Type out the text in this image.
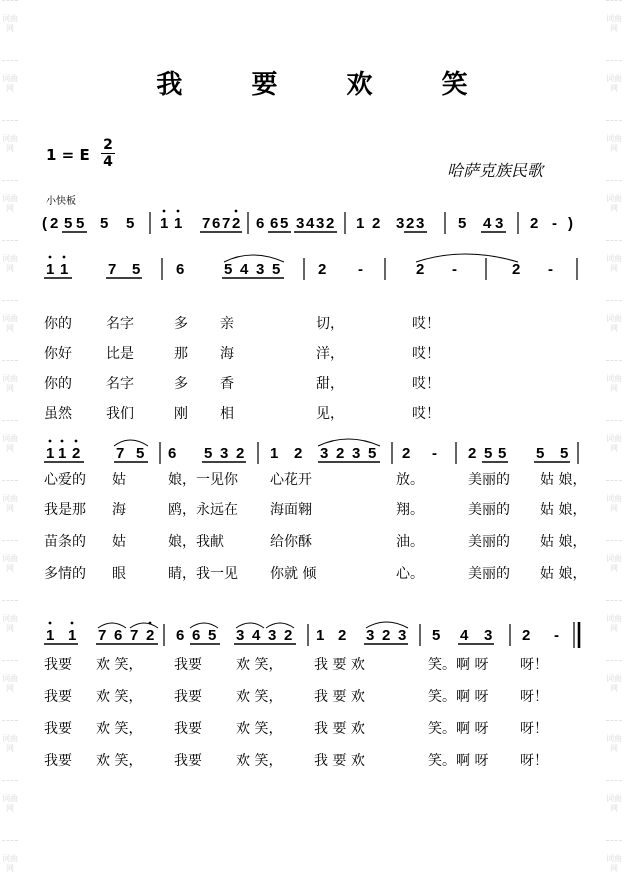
词曲网
词曲网
词曲网
词曲网
词曲网
词曲网
词曲网
词曲网
词曲网
词曲网
词曲网
词曲网
词曲网
词曲网
词曲网
词曲网
词曲网
词曲网
词曲网
词曲网
词曲网
词曲网
词曲网
词曲网
词曲网
词曲网
词曲网
词曲网
词曲网
词曲网
我 要 欢 笑
1 = E
2
4	哈萨克族民歌
小快板
( 2 5 5 5 5 1 1 7 6 7 2 6 6 5 3 4 3 2 1 2 3 2 3 5 4 3 2 - )
1 1	7 5 6	5 4 3 5	2 -	2 -	2 -
你的 名字	多 亲	切，	哎！
你好 比是	那 海	洋，	哎！
你的 名字	多 香	甜，	哎！
虽然 我们	刚 相	见，	哎！
1 1 2 7 5 6 5 3 2 1 2 3 2 3 5 2 - 2 5 5 5 5
心爱的 姑	娘，一见你 心花开	放。	美丽的 姑 娘，
我是那 海	鸥，永远在 海面翱	翔。	美丽的 姑 娘，
苗条的 姑	娘，我献	给你酥	油。	美丽的 姑 娘，
多情的 眼	睛，我一见 你就 倾	心。	美丽的 姑 娘，
1 1 7 6 7 2 6 6 5 3 4 3 2 1 2 3 2 3 5 4 3 2 -
我要 欢 笑， 我要 欢 笑， 我 要 欢	笑。啊 呀 呀！
我要 欢 笑， 我要 欢 笑， 我 要 欢	笑。啊 呀 呀！
我要 欢 笑， 我要 欢 笑， 我 要 欢	笑。啊 呀 呀！
我要 欢 笑， 我要 欢 笑， 我 要 欢	笑。啊 呀 呀！
